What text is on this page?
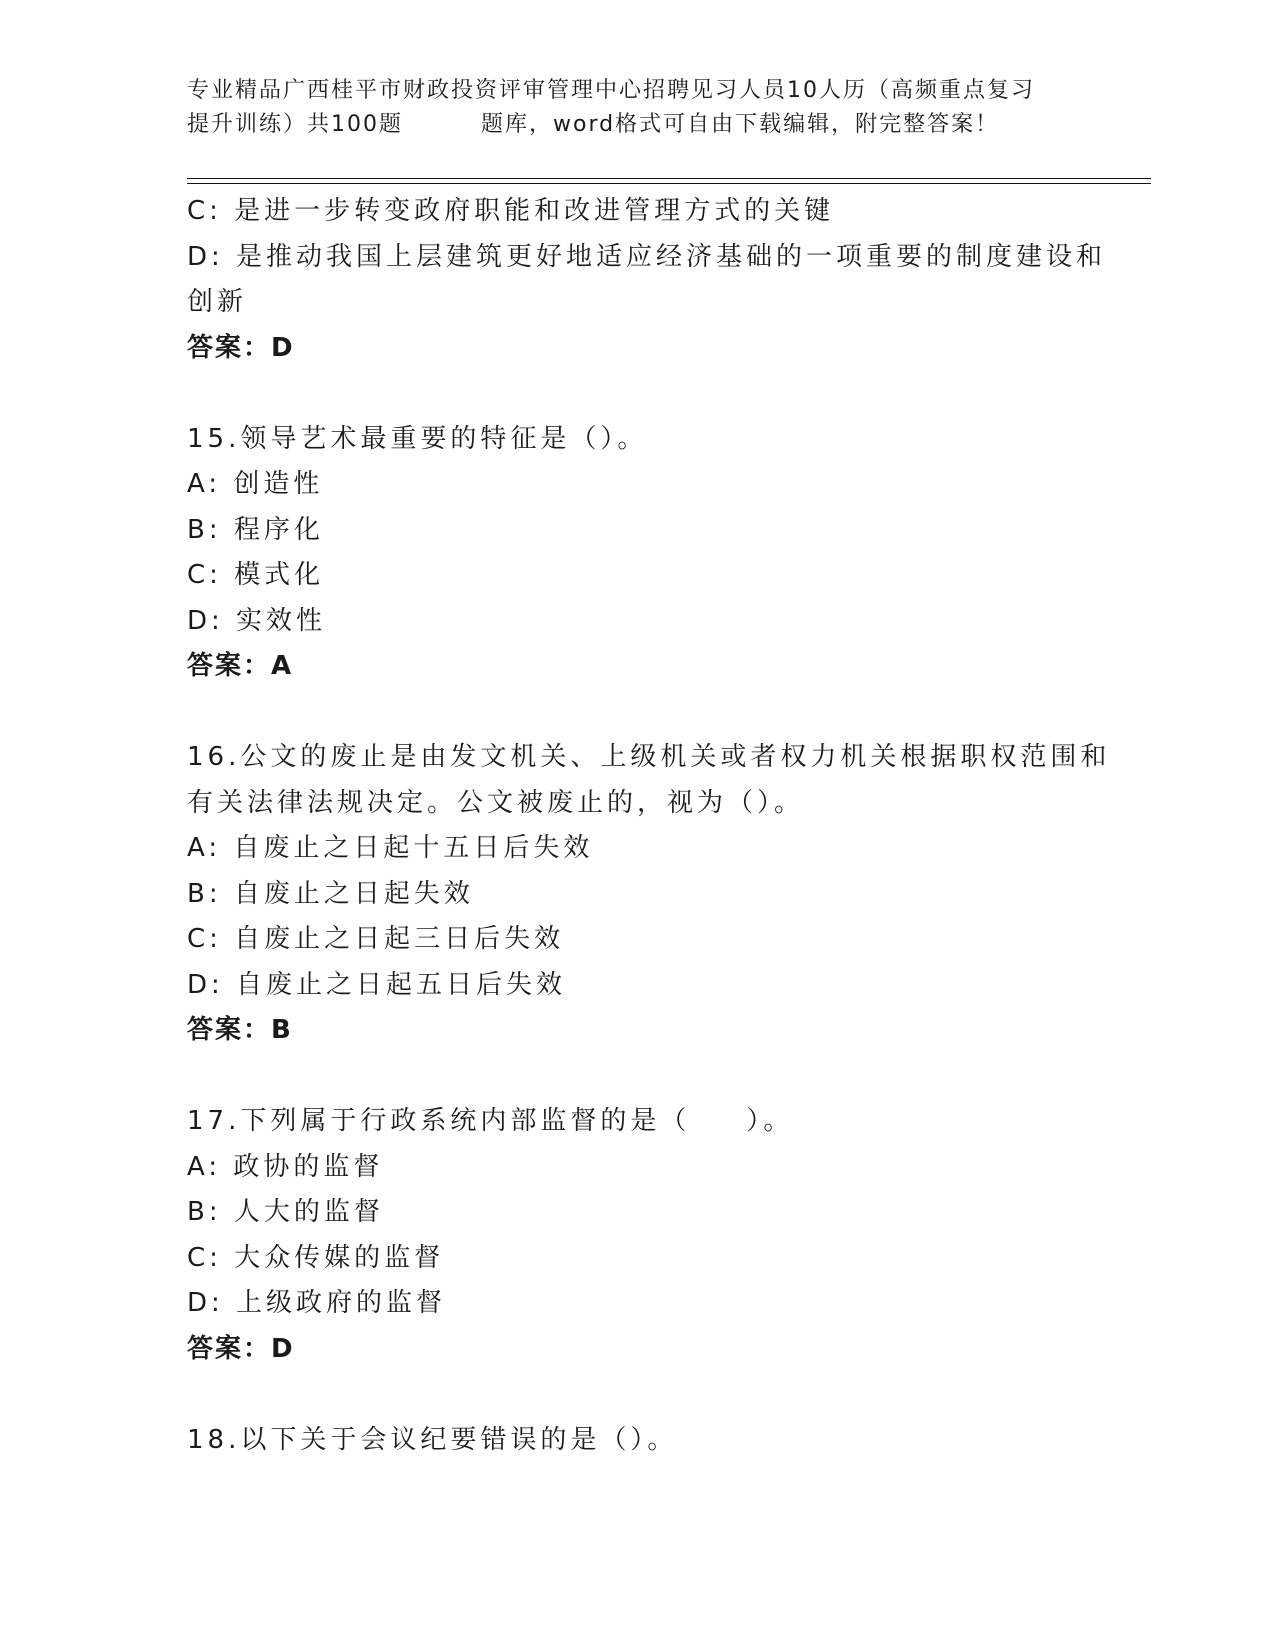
专业精品广西桂平市财政投资评审管理中心招聘见习人员10人历（高频重点复习
提升训练）共100题	题库，word格式可自由下载编辑，附完整答案！
C: 是进一步转变政府职能和改进管理方式的关键
D: 是推动我国上层建筑更好地适应经济基础的一项重要的制度建设和
创新
答案：D
15.领导艺术最重要的特征是（）。
A: 创造性
B: 程序化
C: 模式化
D: 实效性
答案：A
16.公文的废止是由发文机关、上级机关或者权力机关根据职权范围和
有关法律法规决定。公文被废止的，视为（）。
A: 自废止之日起十五日后失效
B: 自废止之日起失效
C: 自废止之日起三日后失效
D: 自废止之日起五日后失效
答案：B
17.下列属于行政系统内部监督的是（ ）。
A: 政协的监督
B: 人大的监督
C: 大众传媒的监督
D: 上级政府的监督
答案：D
18.以下关于会议纪要错误的是（）。
